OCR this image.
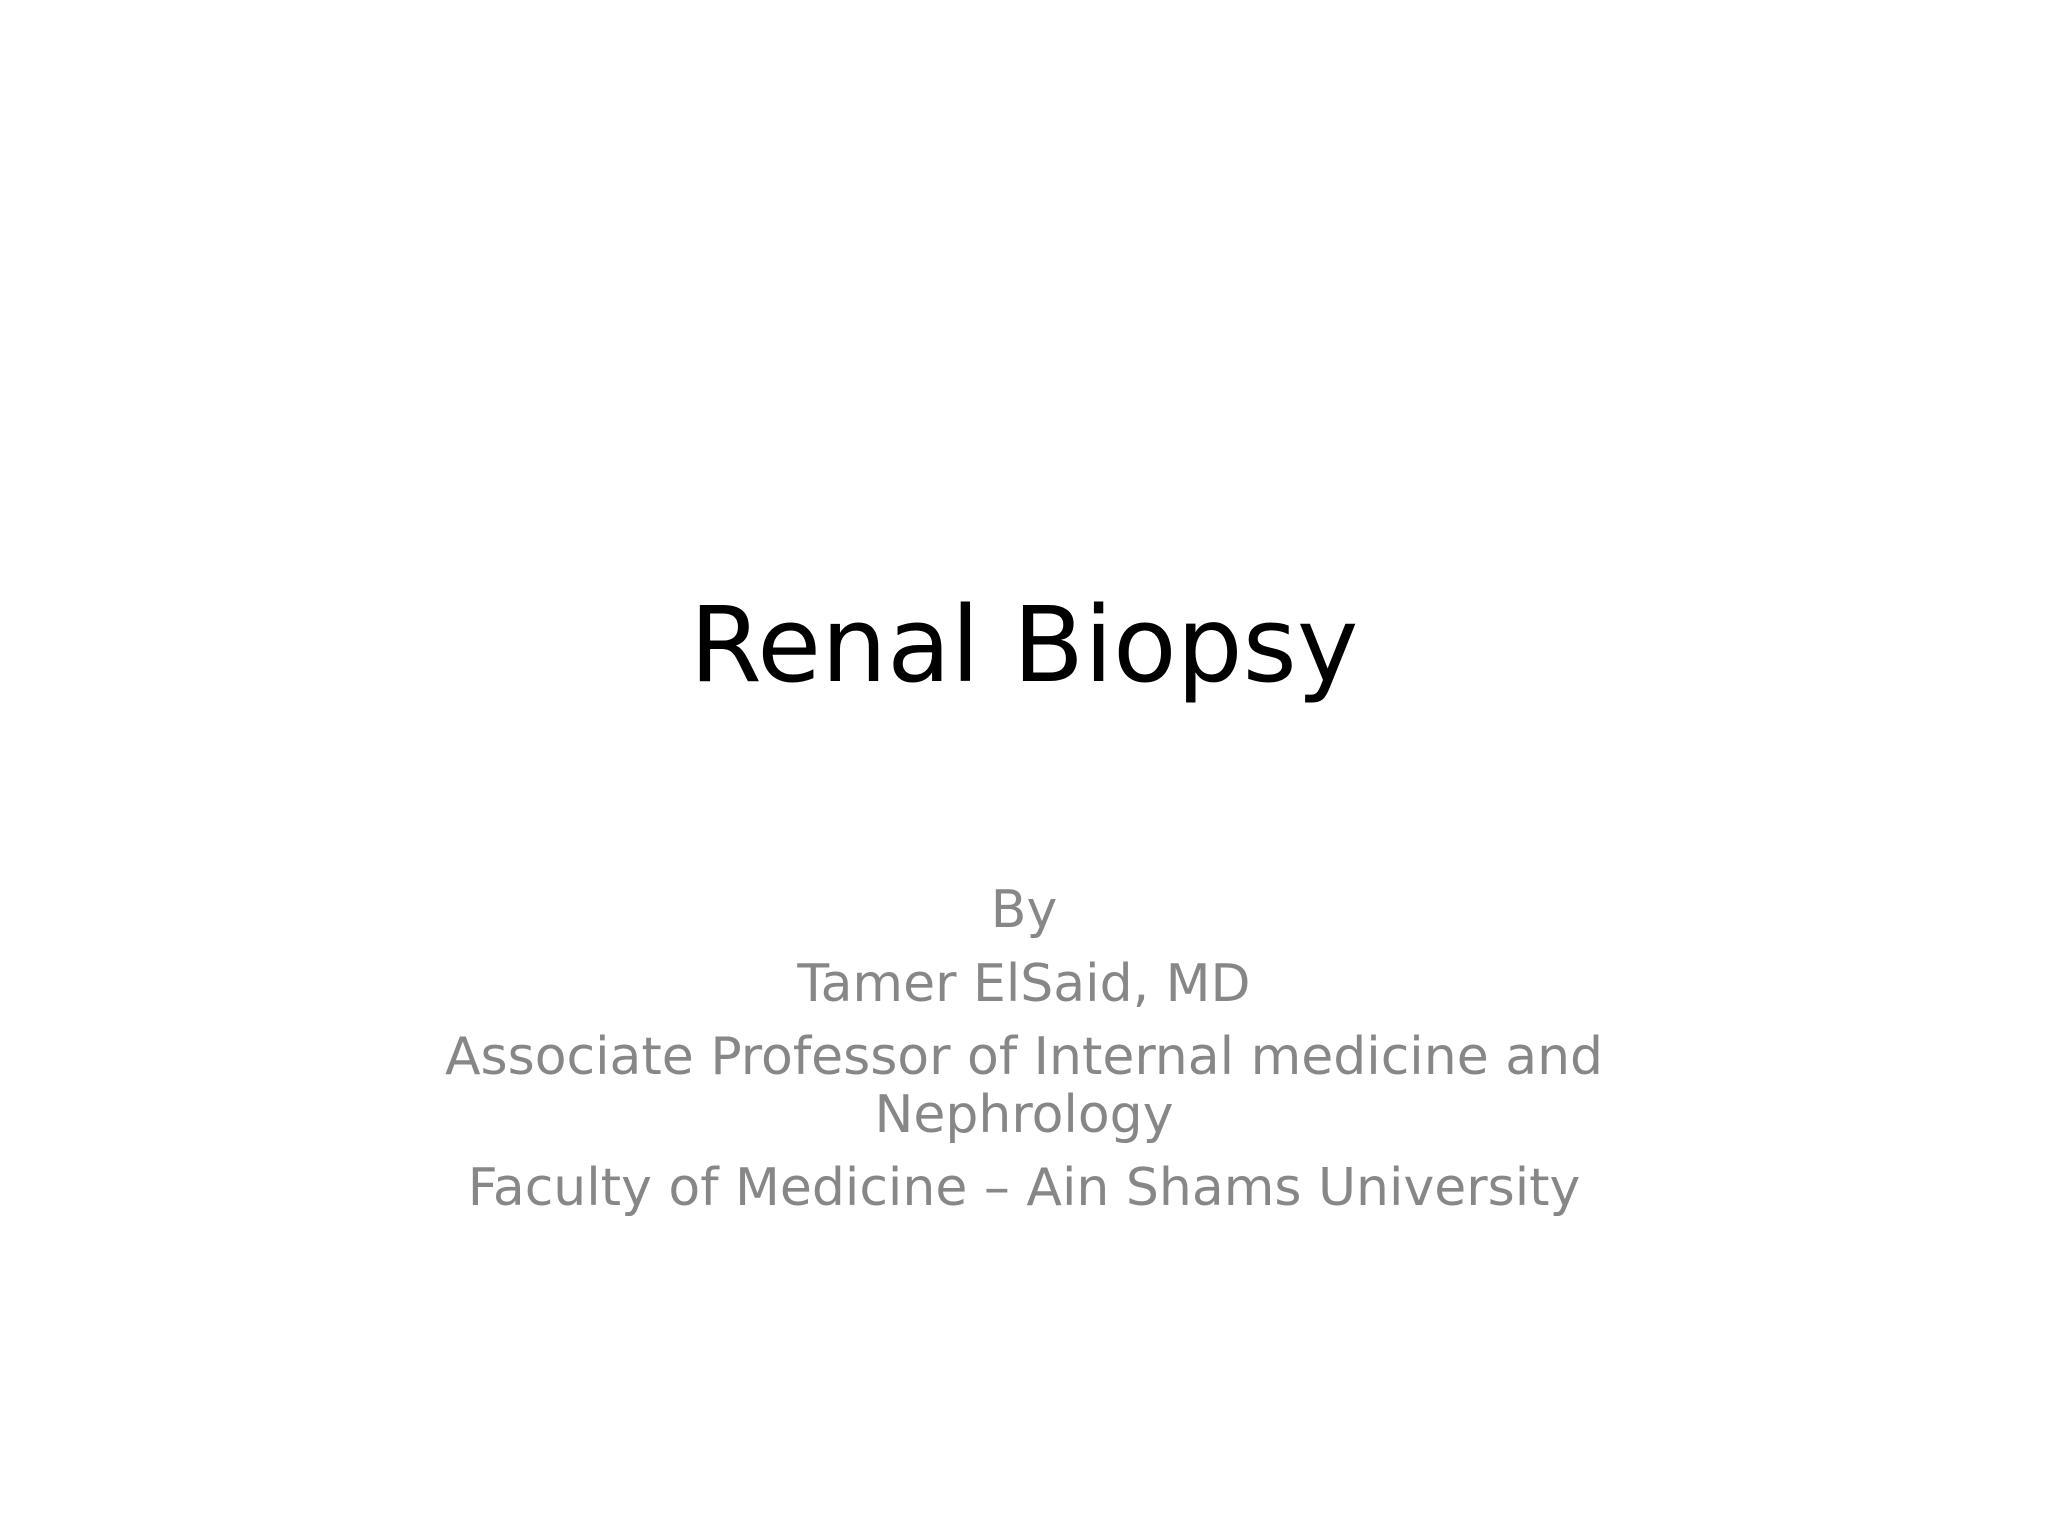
Renal Biopsy
By
Tamer ElSaid, MD
Associate Professor of Internal medicine and Nephrology
Faculty of Medicine – Ain Shams University
